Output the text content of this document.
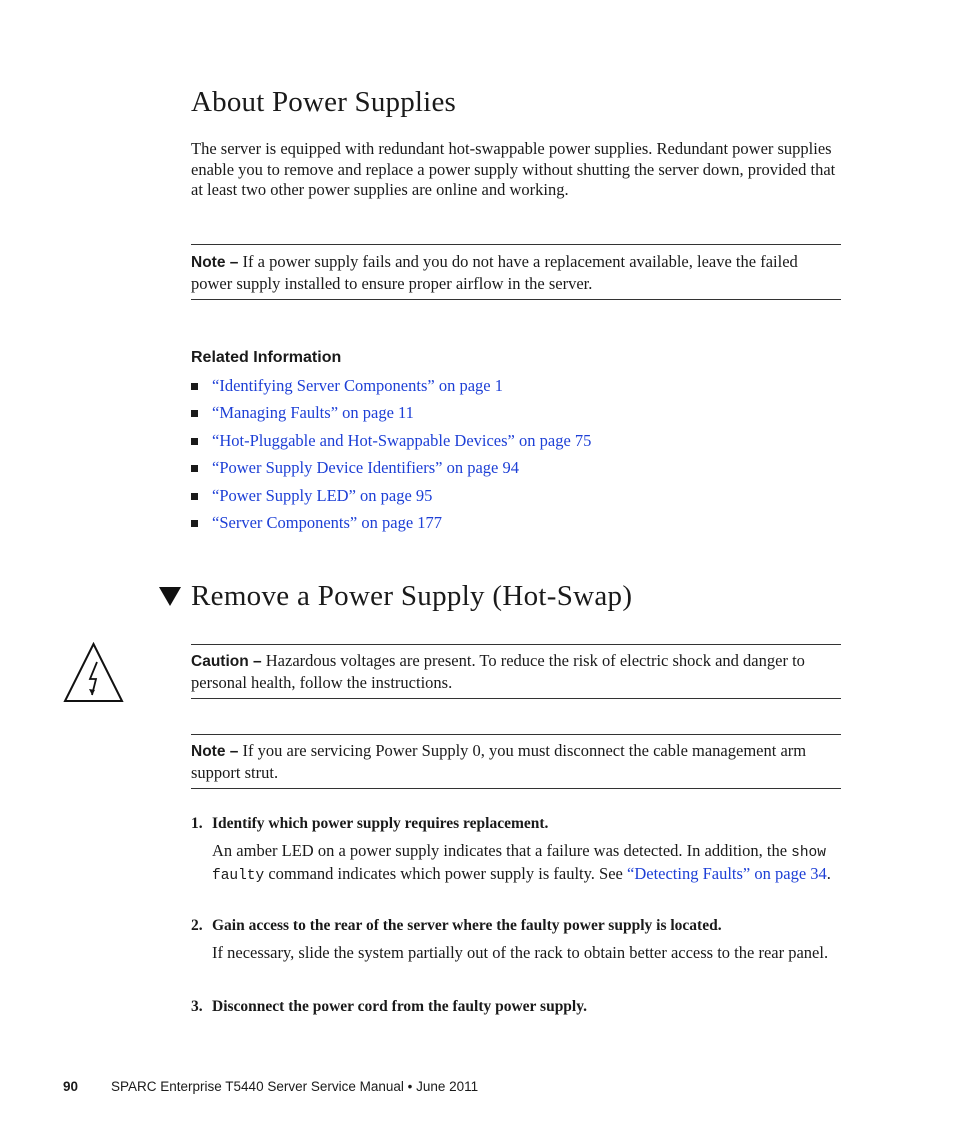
About Power Supplies

The server is equipped with redundant hot-swappable power supplies. Redundant power supplies enable you to remove and replace a power supply without shutting the server down, provided that at least two other power supplies are online and working.

Note – If a power supply fails and you do not have a replacement available, leave the failed power supply installed to ensure proper airflow in the server.

Related Information
“Identifying Server Components” on page 1
“Managing Faults” on page 11
“Hot-Pluggable and Hot-Swappable Devices” on page 75
“Power Supply Device Identifiers” on page 94
“Power Supply LED” on page 95
“Server Components” on page 177
Remove a Power Supply (Hot-Swap)

Caution – Hazardous voltages are present. To reduce the risk of electric shock and danger to personal health, follow the instructions.

Note – If you are servicing Power Supply 0, you must disconnect the cable management arm support strut.

1. Identify which power supply requires replacement.

An amber LED on a power supply indicates that a failure was detected. In addition, the show faulty command indicates which power supply is faulty. See “Detecting Faults” on page 34.

2. Gain access to the rear of the server where the faulty power supply is located.

If necessary, slide the system partially out of the rack to obtain better access to the rear panel.

3. Disconnect the power cord from the faulty power supply.
90 SPARC Enterprise T5440 Server Service Manual • June 2011
